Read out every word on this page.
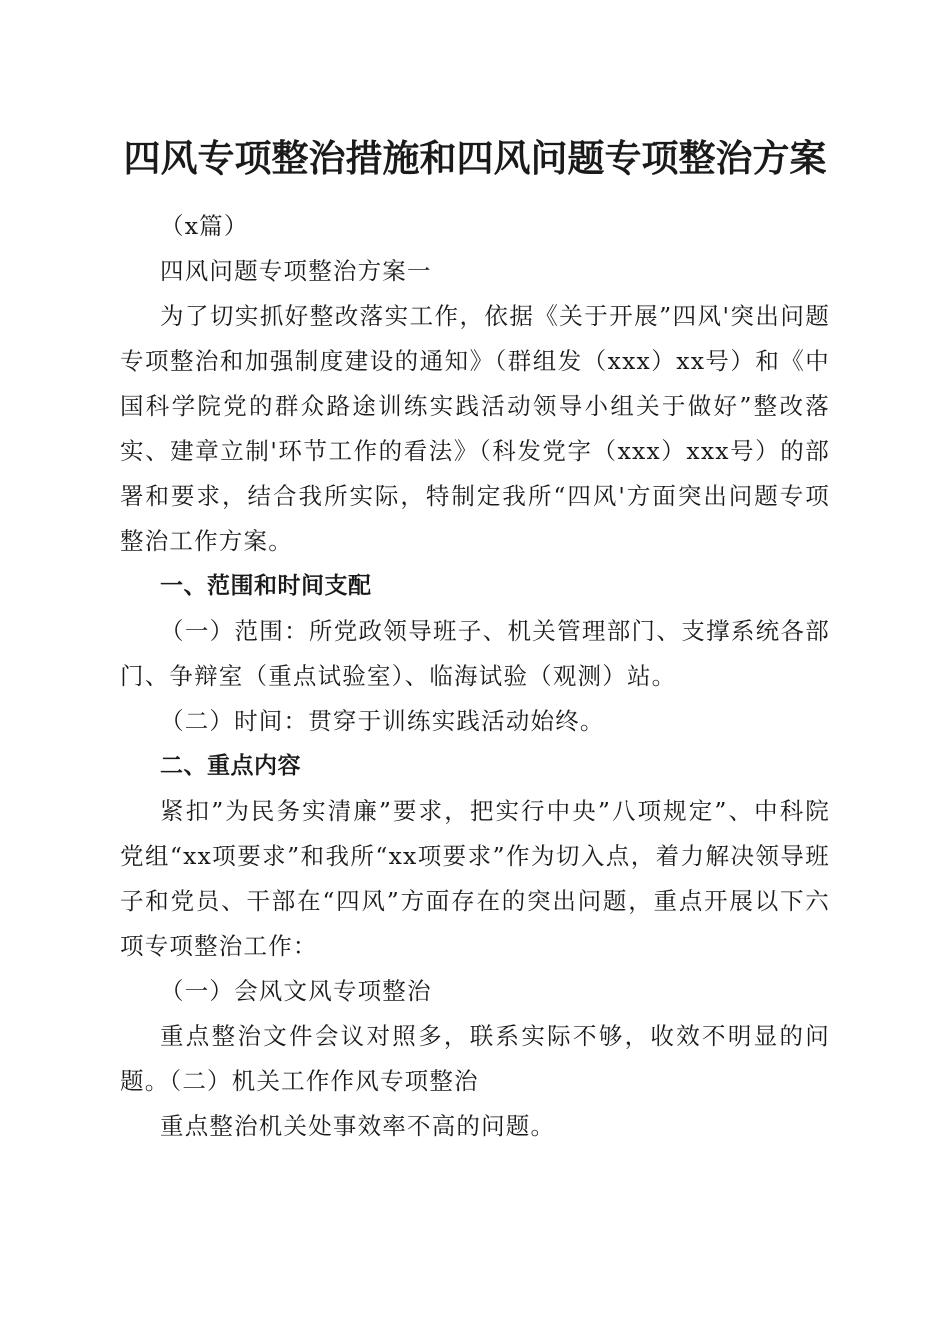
四风专项整治措施和四风问题专项整治方案

（x篇）

四风问题专项整治方案一

为了切实抓好整改落实工作，依据《关于开展”四风'突出问题专项整治和加强制度建设的通知》（群组发（xxx）xx号）和《中国科学院党的群众路途训练实践活动领导小组关于做好”整改落实、建章立制'环节工作的看法》（科发党字（xxx）xxx号）的部署和要求，结合我所实际，特制定我所“四风'方面突出问题专项整治工作方案。

一、范围和时间支配

（一）范围：所党政领导班子、机关管理部门、支撑系统各部门、争辩室（重点试验室）、临海试验（观测）站。

（二）时间：贯穿于训练实践活动始终。

二、重点内容

紧扣”为民务实清廉”要求，把实行中央”八项规定”、中科院党组“xx项要求”和我所“xx项要求”作为切入点，着力解决领导班子和党员、干部在“四风”方面存在的突出问题，重点开展以下六项专项整治工作：

（一）会风文风专项整治

重点整治文件会议对照多，联系实际不够，收效不明显的问题。（二）机关工作作风专项整治

重点整治机关处事效率不高的问题。
